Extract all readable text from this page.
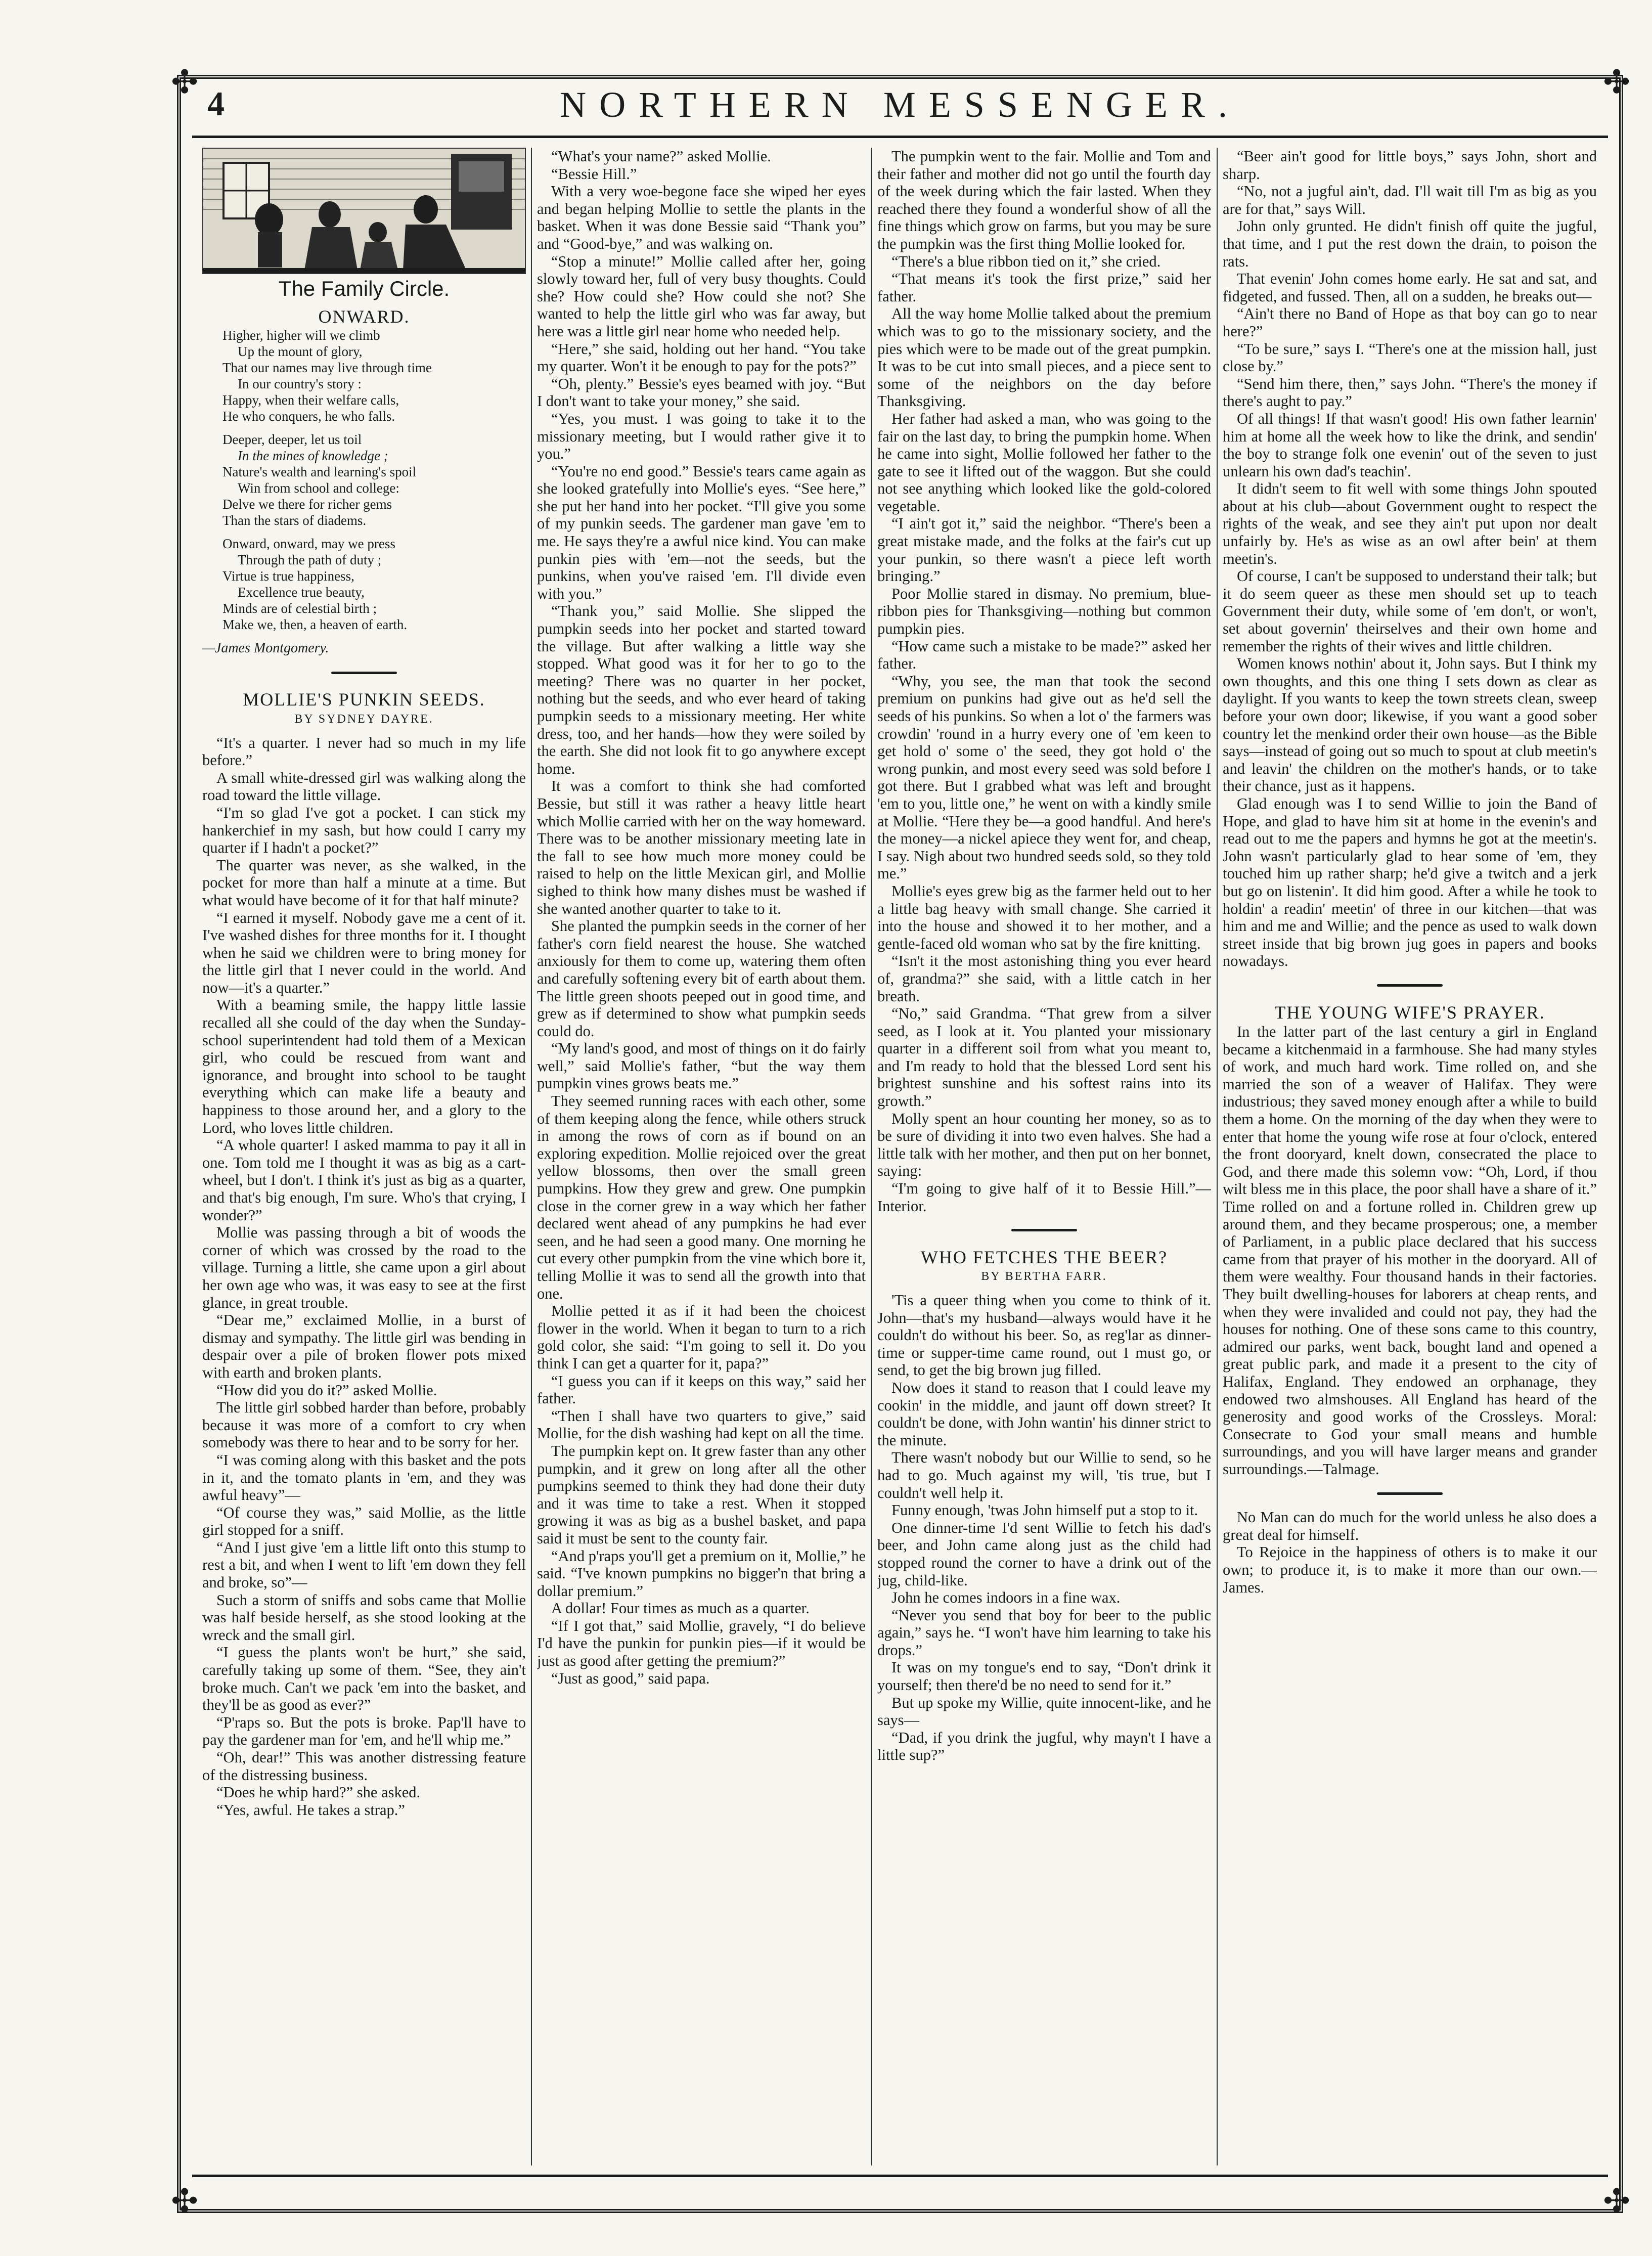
✣	✣
✣	✣
4	NORTHERN MESSENGER.
The Family Circle.
ONWARD.
Higher, higher will we climb
Up the mount of glory,
That our names may live through time
In our country's story :
Happy, when their welfare calls,
He who conquers, he who falls.
Deeper, deeper, let us toil
In the mines of knowledge ;
Nature's wealth and learning's spoil
Win from school and college:
Delve we there for richer gems
Than the stars of diadems.
Onward, onward, may we press
Through the path of duty ;
Virtue is true happiness,
Excellence true beauty,
Minds are of celestial birth ;
Make we, then, a heaven of earth.

—James Montgomery.

MOLLIE'S PUNKIN SEEDS.
BY SYDNEY DAYRE.

“It's a quarter. I never had so much in my life before.”

A small white-dressed girl was walking along the road toward the little village.

“I'm so glad I've got a pocket. I can stick my hankerchief in my sash, but how could I carry my quarter if I hadn't a pocket?”

The quarter was never, as she walked, in the pocket for more than half a minute at a time. But what would have become of it for that half minute?

“I earned it myself. Nobody gave me a cent of it. I've washed dishes for three months for it. I thought when he said we children were to bring money for the little girl that I never could in the world. And now—it's a quarter.”

With a beaming smile, the happy little lassie recalled all she could of the day when the Sunday-school superintendent had told them of a Mexican girl, who could be rescued from want and ignorance, and brought into school to be taught everything which can make life a beauty and happiness to those around her, and a glory to the Lord, who loves little children.

“A whole quarter! I asked mamma to pay it all in one. Tom told me I thought it was as big as a cart-wheel, but I don't. I think it's just as big as a quarter, and that's big enough, I'm sure. Who's that crying, I wonder?”

Mollie was passing through a bit of woods the corner of which was crossed by the road to the village. Turning a little, she came upon a girl about her own age who was, it was easy to see at the first glance, in great trouble.

“Dear me,” exclaimed Mollie, in a burst of dismay and sympathy. The little girl was bending in despair over a pile of broken flower pots mixed with earth and broken plants.

“How did you do it?” asked Mollie.

The little girl sobbed harder than before, probably because it was more of a comfort to cry when somebody was there to hear and to be sorry for her.

“I was coming along with this basket and the pots in it, and the tomato plants in 'em, and they was awful heavy”—

“Of course they was,” said Mollie, as the little girl stopped for a sniff.

“And I just give 'em a little lift onto this stump to rest a bit, and when I went to lift 'em down they fell and broke, so”—

Such a storm of sniffs and sobs came that Mollie was half beside herself, as she stood looking at the wreck and the small girl.

“I guess the plants won't be hurt,” she said, carefully taking up some of them. “See, they ain't broke much. Can't we pack 'em into the basket, and they'll be as good as ever?”

“P'raps so. But the pots is broke. Pap'll have to pay the gardener man for 'em, and he'll whip me.”

“Oh, dear!” This was another distressing feature of the distressing business.

“Does he whip hard?” she asked.

“Yes, awful. He takes a strap.”

“What's your name?” asked Mollie.

“Bessie Hill.”

With a very woe-begone face she wiped her eyes and began helping Mollie to settle the plants in the basket. When it was done Bessie said “Thank you” and “Good-bye,” and was walking on.

“Stop a minute!” Mollie called after her, going slowly toward her, full of very busy thoughts. Could she? How could she? How could she not? She wanted to help the little girl who was far away, but here was a little girl near home who needed help.

“Here,” she said, holding out her hand. “You take my quarter. Won't it be enough to pay for the pots?”

“Oh, plenty.” Bessie's eyes beamed with joy. “But I don't want to take your money,” she said.

“Yes, you must. I was going to take it to the missionary meeting, but I would rather give it to you.”

“You're no end good.” Bessie's tears came again as she looked gratefully into Mollie's eyes. “See here,” she put her hand into her pocket. “I'll give you some of my punkin seeds. The gardener man gave 'em to me. He says they're a awful nice kind. You can make punkin pies with 'em—not the seeds, but the punkins, when you've raised 'em. I'll divide even with you.”

“Thank you,” said Mollie. She slipped the pumpkin seeds into her pocket and started toward the village. But after walking a little way she stopped. What good was it for her to go to the meeting? There was no quarter in her pocket, nothing but the seeds, and who ever heard of taking pumpkin seeds to a missionary meeting. Her white dress, too, and her hands—how they were soiled by the earth. She did not look fit to go anywhere except home.

It was a comfort to think she had comforted Bessie, but still it was rather a heavy little heart which Mollie carried with her on the way homeward. There was to be another missionary meeting late in the fall to see how much more money could be raised to help on the little Mexican girl, and Mollie sighed to think how many dishes must be washed if she wanted another quarter to take to it.

She planted the pumpkin seeds in the corner of her father's corn field nearest the house. She watched anxiously for them to come up, watering them often and carefully softening every bit of earth about them. The little green shoots peeped out in good time, and grew as if determined to show what pumpkin seeds could do.

“My land's good, and most of things on it do fairly well,” said Mollie's father, “but the way them pumpkin vines grows beats me.”

They seemed running races with each other, some of them keeping along the fence, while others struck in among the rows of corn as if bound on an exploring expedition. Mollie rejoiced over the great yellow blossoms, then over the small green pumpkins. How they grew and grew. One pumpkin close in the corner grew in a way which her father declared went ahead of any pumpkins he had ever seen, and he had seen a good many. One morning he cut every other pumpkin from the vine which bore it, telling Mollie it was to send all the growth into that one.

Mollie petted it as if it had been the choicest flower in the world. When it began to turn to a rich gold color, she said: “I'm going to sell it. Do you think I can get a quarter for it, papa?”

“I guess you can if it keeps on this way,” said her father.

“Then I shall have two quarters to give,” said Mollie, for the dish washing had kept on all the time.

The pumpkin kept on. It grew faster than any other pumpkin, and it grew on long after all the other pumpkins seemed to think they had done their duty and it was time to take a rest. When it stopped growing it was as big as a bushel basket, and papa said it must be sent to the county fair.

“And p'raps you'll get a premium on it, Mollie,” he said. “I've known pumpkins no bigger'n that bring a dollar premium.”

A dollar! Four times as much as a quarter.

“If I got that,” said Mollie, gravely, “I do believe I'd have the punkin for punkin pies—if it would be just as good after getting the premium?”

“Just as good,” said papa.

The pumpkin went to the fair. Mollie and Tom and their father and mother did not go until the fourth day of the week during which the fair lasted. When they reached there they found a wonderful show of all the fine things which grow on farms, but you may be sure the pumpkin was the first thing Mollie looked for.

“There's a blue ribbon tied on it,” she cried.

“That means it's took the first prize,” said her father.

All the way home Mollie talked about the premium which was to go to the missionary society, and the pies which were to be made out of the great pumpkin. It was to be cut into small pieces, and a piece sent to some of the neighbors on the day before Thanksgiving.

Her father had asked a man, who was going to the fair on the last day, to bring the pumpkin home. When he came into sight, Mollie followed her father to the gate to see it lifted out of the waggon. But she could not see anything which looked like the gold-colored vegetable.

“I ain't got it,” said the neighbor. “There's been a great mistake made, and the folks at the fair's cut up your punkin, so there wasn't a piece left worth bringing.”

Poor Mollie stared in dismay. No premium, blue-ribbon pies for Thanksgiving—nothing but common pumpkin pies.

“How came such a mistake to be made?” asked her father.

“Why, you see, the man that took the second premium on punkins had give out as he'd sell the seeds of his punkins. So when a lot o' the farmers was crowdin' 'round in a hurry every one of 'em keen to get hold o' some o' the seed, they got hold o' the wrong punkin, and most every seed was sold before I got there. But I grabbed what was left and brought 'em to you, little one,” he went on with a kindly smile at Mollie. “Here they be—a good handful. And here's the money—a nickel apiece they went for, and cheap, I say. Nigh about two hundred seeds sold, so they told me.”

Mollie's eyes grew big as the farmer held out to her a little bag heavy with small change. She carried it into the house and showed it to her mother, and a gentle-faced old woman who sat by the fire knitting.

“Isn't it the most astonishing thing you ever heard of, grandma?” she said, with a little catch in her breath.

“No,” said Grandma. “That grew from a silver seed, as I look at it. You planted your missionary quarter in a different soil from what you meant to, and I'm ready to hold that the blessed Lord sent his brightest sunshine and his softest rains into its growth.”

Molly spent an hour counting her money, so as to be sure of dividing it into two even halves. She had a little talk with her mother, and then put on her bonnet, saying:

“I'm going to give half of it to Bessie Hill.”—Interior.

WHO FETCHES THE BEER?
BY BERTHA FARR.

'Tis a queer thing when you come to think of it. John—that's my husband—always would have it he couldn't do without his beer. So, as reg'lar as dinner-time or supper-time came round, out I must go, or send, to get the big brown jug filled.

Now does it stand to reason that I could leave my cookin' in the middle, and jaunt off down street? It couldn't be done, with John wantin' his dinner strict to the minute.

There wasn't nobody but our Willie to send, so he had to go. Much against my will, 'tis true, but I couldn't well help it.

Funny enough, 'twas John himself put a stop to it.

One dinner-time I'd sent Willie to fetch his dad's beer, and John came along just as the child had stopped round the corner to have a drink out of the jug, child-like.

John he comes indoors in a fine wax.

“Never you send that boy for beer to the public again,” says he. “I won't have him learning to take his drops.”

It was on my tongue's end to say, “Don't drink it yourself; then there'd be no need to send for it.”

But up spoke my Willie, quite innocent-like, and he says—

“Dad, if you drink the jugful, why mayn't I have a little sup?”

“Beer ain't good for little boys,” says John, short and sharp.

“No, not a jugful ain't, dad. I'll wait till I'm as big as you are for that,” says Will.

John only grunted. He didn't finish off quite the jugful, that time, and I put the rest down the drain, to poison the rats.

That evenin' John comes home early. He sat and sat, and fidgeted, and fussed. Then, all on a sudden, he breaks out—

“Ain't there no Band of Hope as that boy can go to near here?”

“To be sure,” says I. “There's one at the mission hall, just close by.”

“Send him there, then,” says John. “There's the money if there's aught to pay.”

Of all things! If that wasn't good! His own father learnin' him at home all the week how to like the drink, and sendin' the boy to strange folk one evenin' out of the seven to just unlearn his own dad's teachin'.

It didn't seem to fit well with some things John spouted about at his club—about Government ought to respect the rights of the weak, and see they ain't put upon nor dealt unfairly by. He's as wise as an owl after bein' at them meetin's.

Of course, I can't be supposed to understand their talk; but it do seem queer as these men should set up to teach Government their duty, while some of 'em don't, or won't, set about governin' theirselves and their own home and remember the rights of their wives and little children.

Women knows nothin' about it, John says. But I think my own thoughts, and this one thing I sets down as clear as daylight. If you wants to keep the town streets clean, sweep before your own door; likewise, if you want a good sober country let the menkind order their own house—as the Bible says—instead of going out so much to spout at club meetin's and leavin' the children on the mother's hands, or to take their chance, just as it happens.

Glad enough was I to send Willie to join the Band of Hope, and glad to have him sit at home in the evenin's and read out to me the papers and hymns he got at the meetin's. John wasn't particularly glad to hear some of 'em, they touched him up rather sharp; he'd give a twitch and a jerk but go on listenin'. It did him good. After a while he took to holdin' a readin' meetin' of three in our kitchen—that was him and me and Willie; and the pence as used to walk down street inside that big brown jug goes in papers and books nowadays.

THE YOUNG WIFE'S PRAYER.

In the latter part of the last century a girl in England became a kitchenmaid in a farmhouse. She had many styles of work, and much hard work. Time rolled on, and she married the son of a weaver of Halifax. They were industrious; they saved money enough after a while to build them a home. On the morning of the day when they were to enter that home the young wife rose at four o'clock, entered the front dooryard, knelt down, consecrated the place to God, and there made this solemn vow: “Oh, Lord, if thou wilt bless me in this place, the poor shall have a share of it.” Time rolled on and a fortune rolled in. Children grew up around them, and they became prosperous; one, a member of Parliament, in a public place declared that his success came from that prayer of his mother in the dooryard. All of them were wealthy. Four thousand hands in their factories. They built dwelling-houses for laborers at cheap rents, and when they were invalided and could not pay, they had the houses for nothing. One of these sons came to this country, admired our parks, went back, bought land and opened a great public park, and made it a present to the city of Halifax, England. They endowed an orphanage, they endowed two almshouses. All England has heard of the generosity and good works of the Crossleys. Moral: Consecrate to God your small means and humble surroundings, and you will have larger means and grander surroundings.—Talmage.

No Man can do much for the world unless he also does a great deal for himself.

To Rejoice in the happiness of others is to make it our own; to produce it, is to make it more than our own.—James.
